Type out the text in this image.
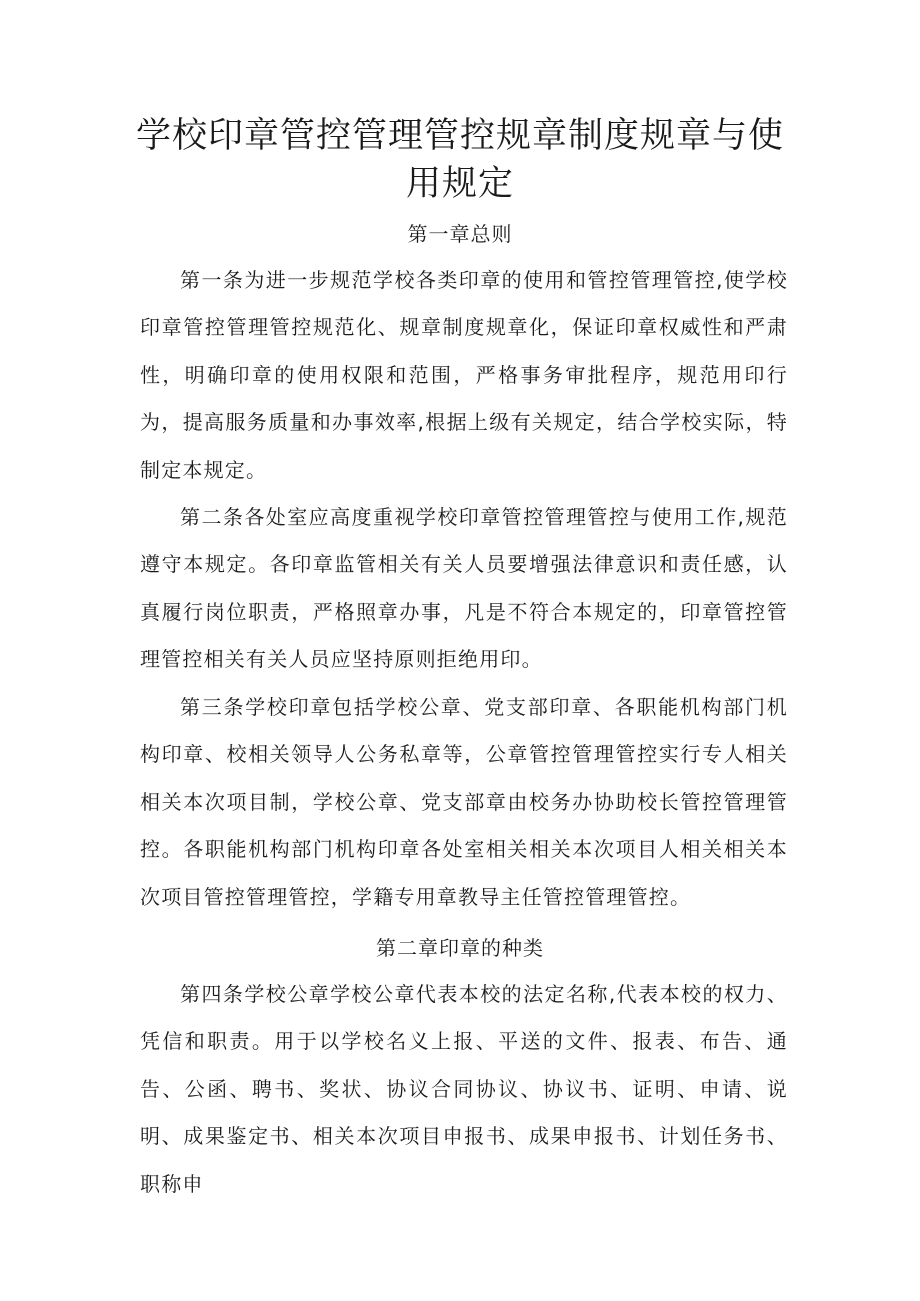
学校印章管控管理管控规章制度规章与使用规定
第一章总则

第一条为进一步规范学校各类印章的使用和管控管理管控,使学校印章管控管理管控规范化、规章制度规章化，保证印章权威性和严肃性，明确印章的使用权限和范围，严格事务审批程序，规范用印行为，提高服务质量和办事效率,根据上级有关规定，结合学校实际，特制定本规定。

第二条各处室应高度重视学校印章管控管理管控与使用工作,规范遵守本规定。各印章监管相关有关人员要增强法律意识和责任感，认真履行岗位职责，严格照章办事，凡是不符合本规定的，印章管控管理管控相关有关人员应坚持原则拒绝用印。

第三条学校印章包括学校公章、党支部印章、各职能机构部门机构印章、校相关领导人公务私章等，公章管控管理管控实行专人相关相关本次项目制，学校公章、党支部章由校务办协助校长管控管理管控。各职能机构部门机构印章各处室相关相关本次项目人相关相关本次项目管控管理管控，学籍专用章教导主任管控管理管控。

第二章印章的种类

第四条学校公章学校公章代表本校的法定名称,代表本校的权力、凭信和职责。用于以学校名义上报、平送的文件、报表、布告、通告、公函、聘书、奖状、协议合同协议、协议书、证明、申请、说明、成果鉴定书、相关本次项目申报书、成果申报书、计划任务书、职称申
